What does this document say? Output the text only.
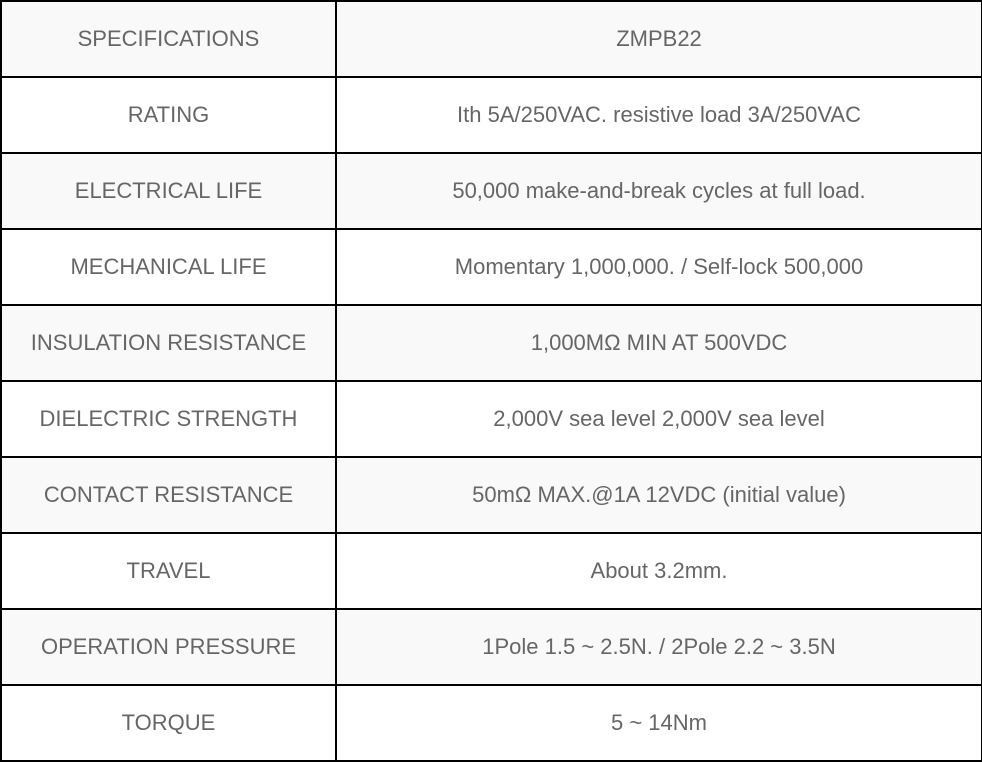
SPECIFICATIONS	ZMPB22
RATING	Ith 5A/250VAC. resistive load 3A/250VAC
ELECTRICAL LIFE	50,000 make-and-break cycles at full load.
MECHANICAL LIFE	Momentary 1,000,000. / Self-lock 500,000
INSULATION RESISTANCE	1,000MΩ MIN AT 500VDC
DIELECTRIC STRENGTH	2,000V sea level 2,000V sea level
CONTACT RESISTANCE	50mΩ MAX.@1A 12VDC (initial value)
TRAVEL	About 3.2mm.
OPERATION PRESSURE	1Pole 1.5 ~ 2.5N. / 2Pole 2.2 ~ 3.5N
TORQUE	5 ~ 14Nm
